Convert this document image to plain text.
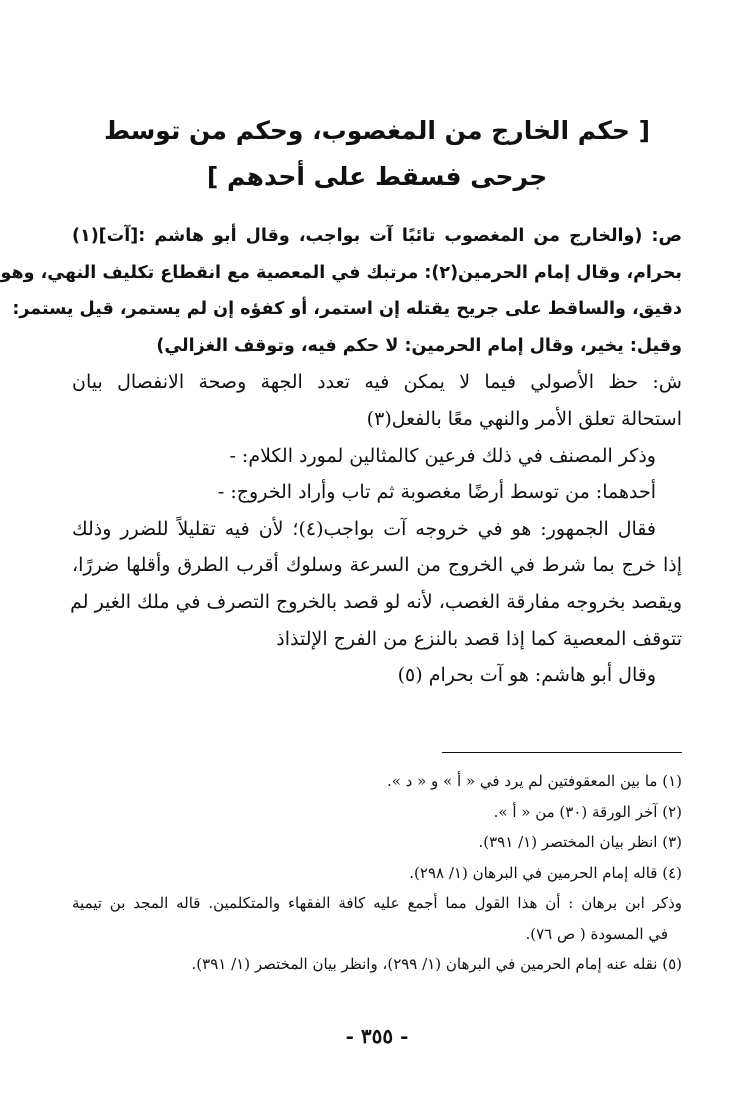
[ حكم الخارج من المغصوب، وحكم من توسط
جرحى فسقط على أحدهم ]
ص: (والخارج من المغصوب تائبًا آت بواجب، وقال أبو هاشم :[آت](١)
بحرام، وقال إمام الحرمين(٢): مرتبك في المعصية مع انقطاع تكليف النهي، وهو
دقيق، والساقط على جريح يقتله إن استمر، أو كفؤه إن لم يستمر، قيل يستمر:
وقيل: يخير، وقال إمام الحرمين: لا حكم فيه، وتوقف الغزالي)
ش: حظ الأصولي فيما لا يمكن فيه تعدد الجهة وصحة الانفصال بيان
استحالة تعلق الأمر والنهي معًا بالفعل(٣)
وذكر المصنف في ذلك فرعين كالمثالين لمورد الكلام: -
أحدهما: من توسط أرضًا مغصوبة ثم تاب وأراد الخروج: -
فقال الجمهور: هو في خروجه آت بواجب(٤)؛ لأن فيه تقليلاً للضرر وذلك
إذا خرج بما شرط في الخروج من السرعة وسلوك أقرب الطرق وأقلها ضررًا،
ويقصد بخروجه مفارقة الغصب، لأنه لو قصد بالخروج التصرف في ملك الغير لم
تتوقف المعصية كما إذا قصد بالنزع من الفرج الإلتذاذ
وقال أبو هاشم: هو آت بحرام (٥)
(١) ما بين المعقوفتين لم يرد في « أ » و « د ».
(٢) آخر الورقة (٣٠) من « أ ».
(٣) انظر بيان المختصر (١/ ٣٩١).
(٤) قاله إمام الحرمين في البرهان (١/ ٢٩٨).
وذكر ابن برهان : أن هذا القول مما أجمع عليه كافة الفقهاء والمتكلمين. قاله المجد بن تيمية
في المسودة ( ص ٧٦).
(٥) نقله عنه إمام الحرمين في البرهان (١/ ٢٩٩)، وانظر بيان المختصر (١/ ٣٩١).
- ٣٥٥ -
